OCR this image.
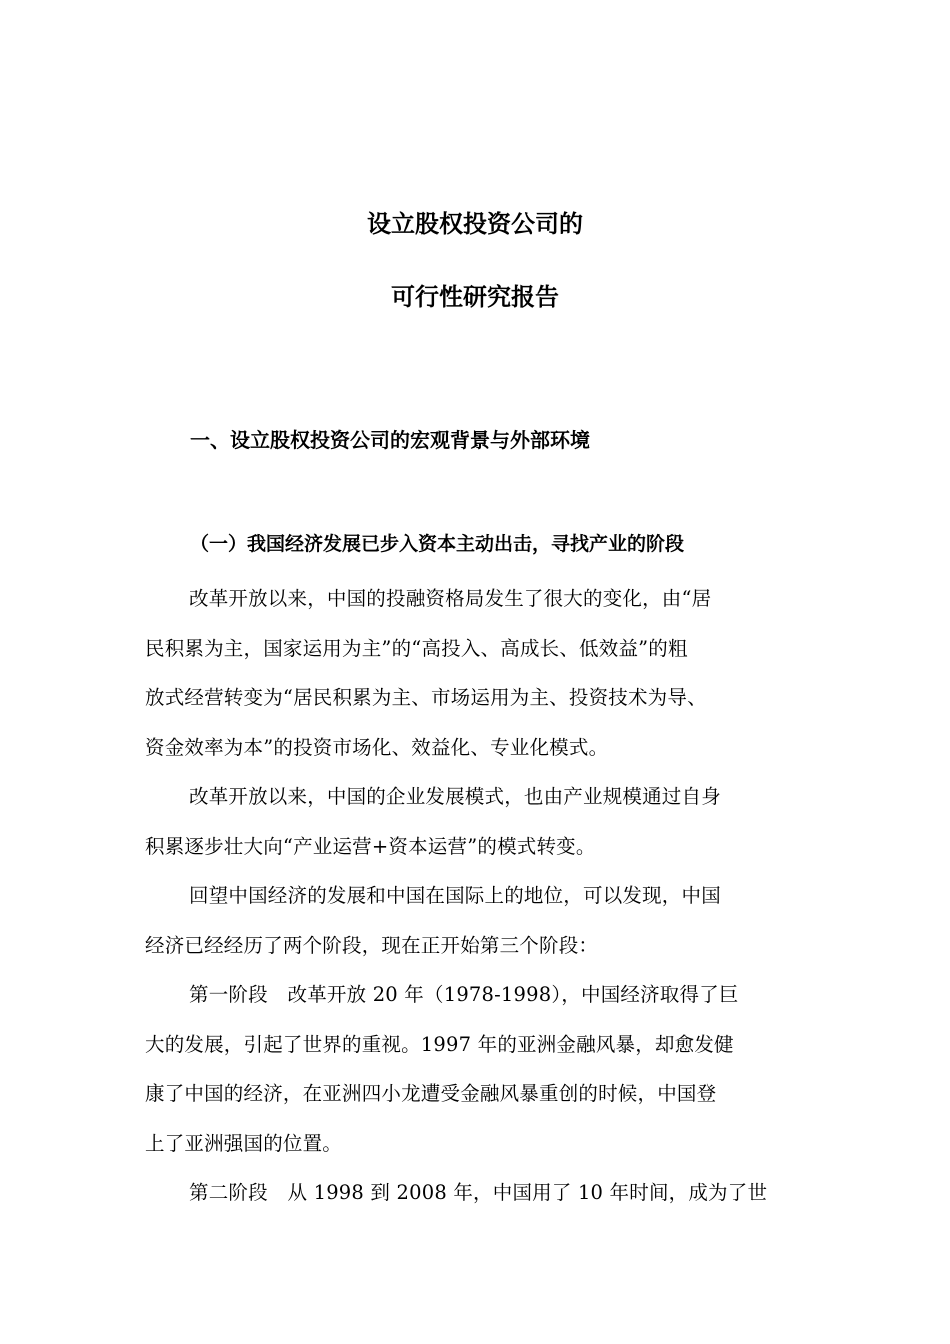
设立股权投资公司的
可行性研究报告
一、设立股权投资公司的宏观背景与外部环境
（一）我国经济发展已步入资本主动出击，寻找产业的阶段

改革开放以来，中国的投融资格局发生了很大的变化，由“居
民积累为主，国家运用为主”的“高投入、高成长、低效益”的粗
放式经营转变为“居民积累为主、市场运用为主、投资技术为导、
资金效率为本”的投资市场化、效益化、专业化模式。

改革开放以来，中国的企业发展模式，也由产业规模通过自身
积累逐步壮大向“产业运营+资本运营”的模式转变。

回望中国经济的发展和中国在国际上的地位，可以发现，中国
经济已经经历了两个阶段，现在正开始第三个阶段：

第一阶段　改革开放 20 年（1978-1998），中国经济取得了巨
大的发展，引起了世界的重视。1997 年的亚洲金融风暴，却愈发健
康了中国的经济，在亚洲四小龙遭受金融风暴重创的时候，中国登
上了亚洲强国的位置。

第二阶段　从 1998 到 2008 年，中国用了 10 年时间，成为了世
